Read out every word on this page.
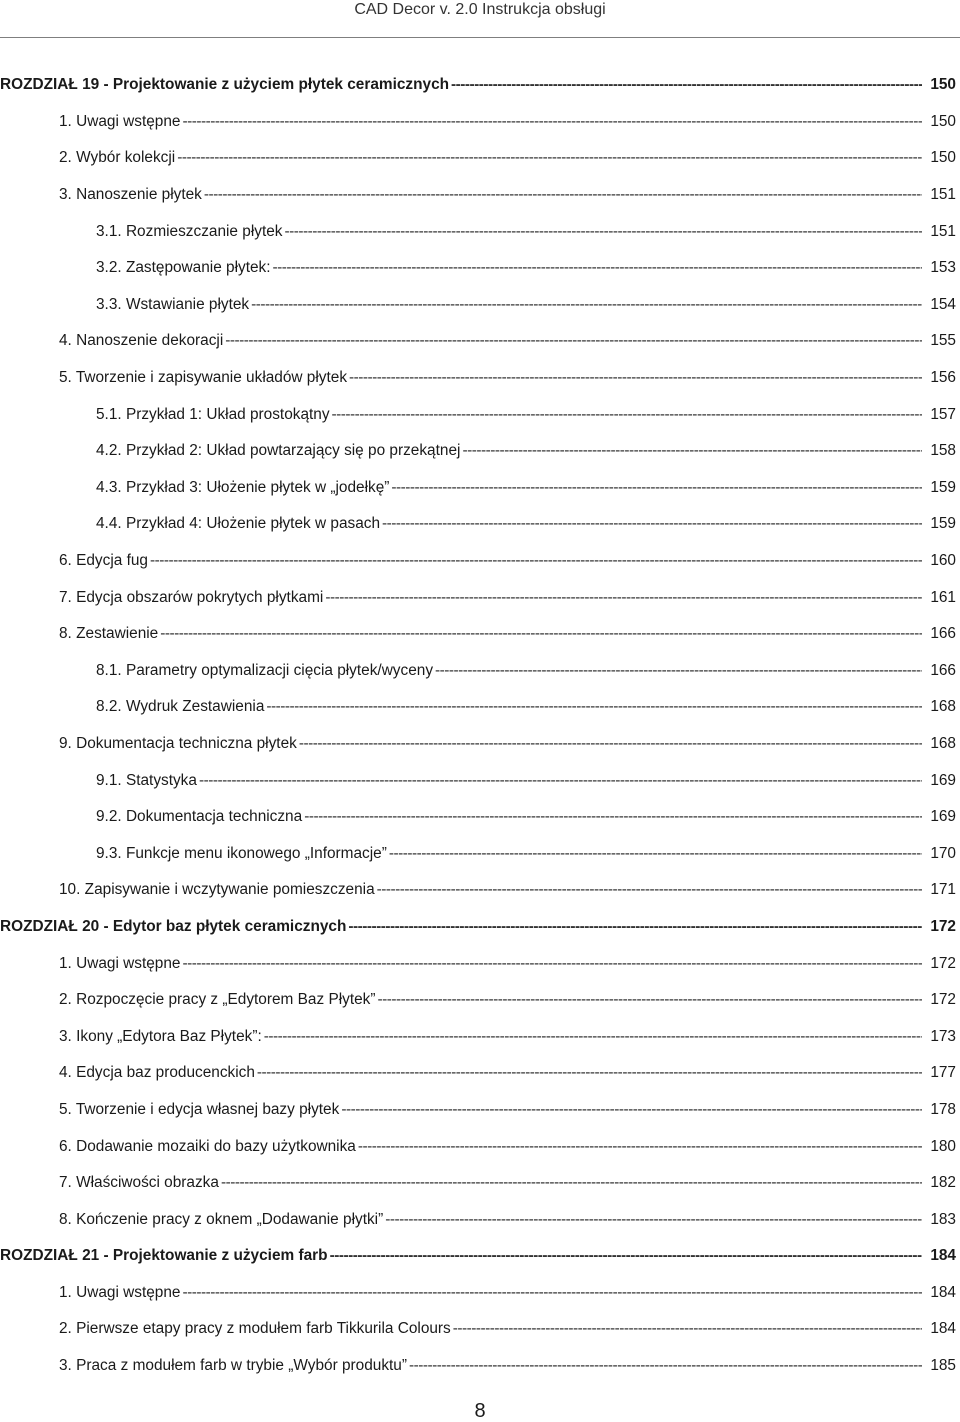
CAD Decor v. 2.0 Instrukcja obsługi
ROZDZIAŁ 19 - Projektowanie z użyciem płytek ceramicznych -----	150
1. Uwagi wstępne -----	150
2. Wybór kolekcji -----	150
3. Nanoszenie płytek -----	151
3.1. Rozmieszczanie płytek -----	151
3.2. Zastępowanie płytek: -----	153
3.3. Wstawianie płytek -----	154
4. Nanoszenie dekoracji -----	155
5. Tworzenie i zapisywanie układów płytek -----	156
5.1. Przykład 1: Układ prostokątny -----	157
4.2. Przykład 2: Układ powtarzający się po przekątnej -----	158
4.3. Przykład 3: Ułożenie płytek w „jodełkę” -----	159
4.4. Przykład 4: Ułożenie płytek w pasach -----	159
6. Edycja fug -----	160
7. Edycja obszarów pokrytych płytkami -----	161
8. Zestawienie -----	166
8.1. Parametry optymalizacji cięcia płytek/wyceny -----	166
8.2. Wydruk Zestawienia -----	168
9. Dokumentacja techniczna płytek -----	168
9.1. Statystyka -----	169
9.2. Dokumentacja techniczna -----	169
9.3. Funkcje menu ikonowego „Informacje” -----	170
10. Zapisywanie i wczytywanie pomieszczenia -----	171
ROZDZIAŁ 20 - Edytor baz płytek ceramicznych -----	172
1. Uwagi wstępne -----	172
2. Rozpoczęcie pracy z „Edytorem Baz Płytek” -----	172
3. Ikony „Edytora Baz Płytek”: -----	173
4. Edycja baz producenckich -----	177
5. Tworzenie i edycja własnej bazy płytek -----	178
6. Dodawanie mozaiki do bazy użytkownika -----	180
7. Właściwości obrazka -----	182
8. Kończenie pracy z oknem „Dodawanie płytki” -----	183
ROZDZIAŁ 21 - Projektowanie z użyciem farb -----	184
1. Uwagi wstępne -----	184
2. Pierwsze etapy pracy z modułem farb Tikkurila Colours -----	184
3. Praca z modułem farb w trybie „Wybór produktu” -----	185
8
